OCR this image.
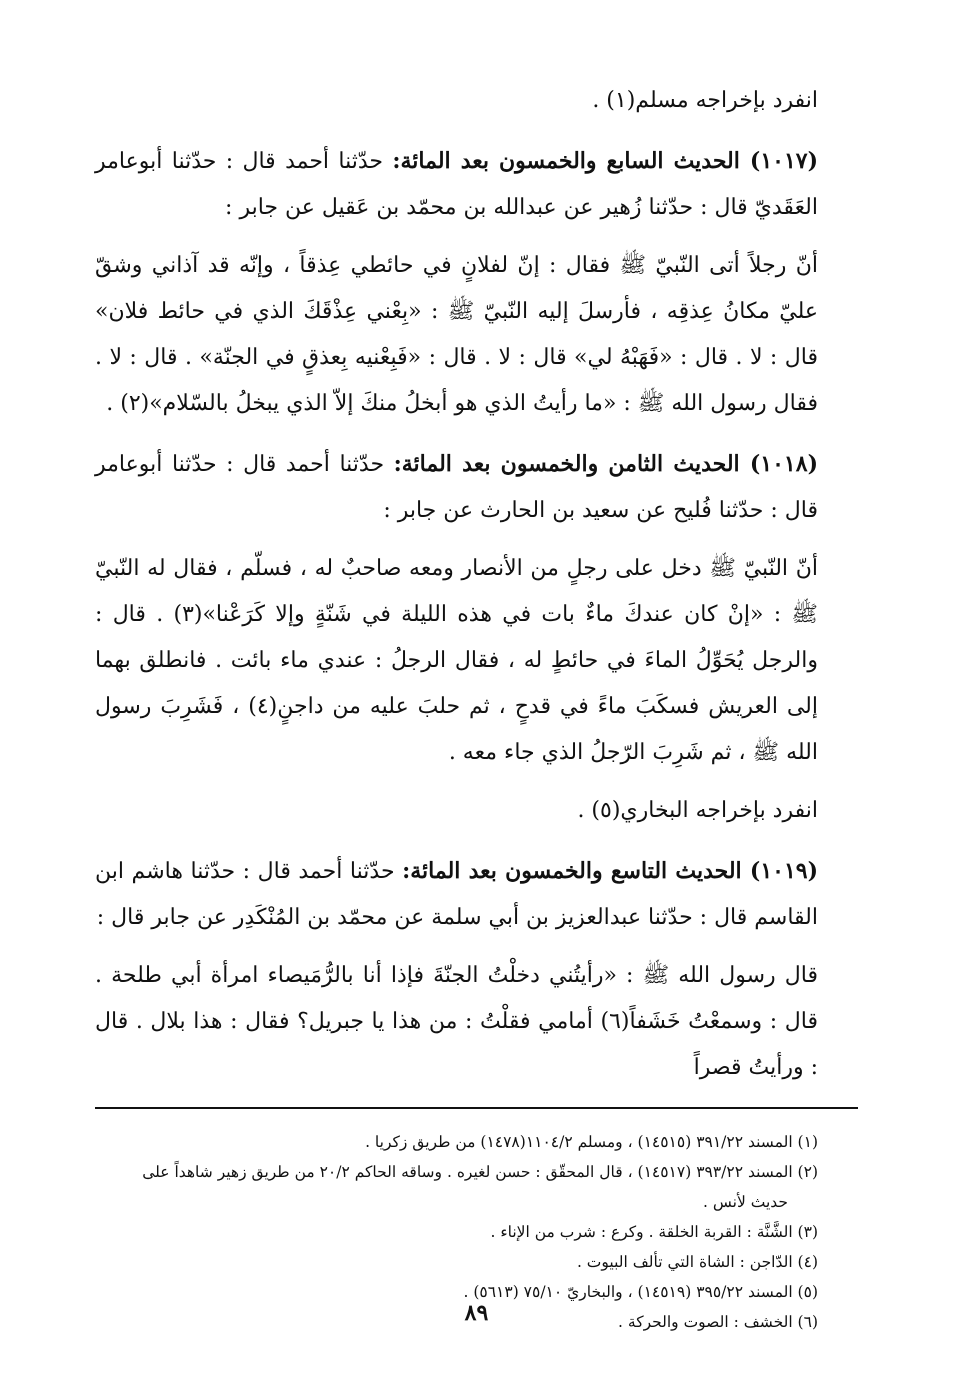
انفرد بإخراجه مسلم(١) .

(١٠١٧) الحديث السابع والخمسون بعد المائة: حدّثنا أحمد قال : حدّثنا أبوعامر العَقَديّ قال : حدّثنا زُهير عن عبدالله بن محمّد بن عَقيل عن جابر :

أنّ رجلاً أتى النّبيّ ﷺ فقال : إنّ لفلانٍ في حائطي عِذقاً ، وإنّه قد آذاني وشقّ عليّ مكانُ عِذقِه ، فأرسلَ إليه النّبيّ ﷺ : «بِعْني عِذْقَكَ الذي في حائط فلان» قال : لا . قال : «فَهَبْهُ لي» قال : لا . قال : «فَبِعْنيه بِعذقٍ في الجنّة» . قال : لا . فقال رسول الله ﷺ : «ما رأيتُ الذي هو أبخلُ منكَ إلاّ الذي يبخلُ بالسّلام»(٢) .

(١٠١٨) الحديث الثامن والخمسون بعد المائة: حدّثنا أحمد قال : حدّثنا أبوعامر قال : حدّثنا فُليح عن سعيد بن الحارث عن جابر :

أنّ النّبيّ ﷺ دخل على رجلٍ من الأنصار ومعه صاحبٌ له ، فسلّم ، فقال له النّبيّ ﷺ : «إنْ كان عندكَ ماءٌ بات في هذه الليلة في شَنّةٍ وإلا كَرَعْنا»(٣) . قال : والرجل يُحَوِّلُ الماءَ في حائطٍ له ، فقال الرجلُ : عندي ماء بائت . فانطلق بهما إلى العريش فسكَبَ ماءً في قدحٍ ، ثم حلبَ عليه من داجنٍ(٤) ، فَشَرِبَ رسول الله ﷺ ، ثم شَرِبَ الرّجلُ الذي جاء معه .

انفرد بإخراجه البخاري(٥) .

(١٠١٩) الحديث التاسع والخمسون بعد المائة: حدّثنا أحمد قال : حدّثنا هاشم ابن القاسم قال : حدّثنا عبدالعزيز بن أبي سلمة عن محمّد بن المُنْكَدِر عن جابر قال :

قال رسول الله ﷺ : «رأيتُني دخلْتُ الجنّةَ فإذا أنا بالرُّمَيصاء امرأة أبي طلحة . قال : وسمعْتُ خَشَفاً(٦) أمامي فقلْتُ : من هذا يا جبريل؟ فقال : هذا بلال . قال : ورأيتُ قصراً

(١) المسند ٣٩١/٢٢ (١٤٥١٥) ، ومسلم ١١٠٤/٢(١٤٧٨) من طريق زكريا .

(٢) المسند ٣٩٣/٢٢ (١٤٥١٧) ، قال المحقّق : حسن لغيره . وساقه الحاكم ٢٠/٢ من طريق زهير شاهداً على

حديث لأنس .

(٣) الشَّنَّة : القربة الخلقة . وكرع : شرب من الإناء .

(٤) الدّاجن : الشاة التي تألف البيوت .

(٥) المسند ٣٩٥/٢٢ (١٤٥١٩) ، والبخاريّ ٧٥/١٠ (٥٦١٣) .

(٦) الخشف : الصوت والحركة .

٨٩
